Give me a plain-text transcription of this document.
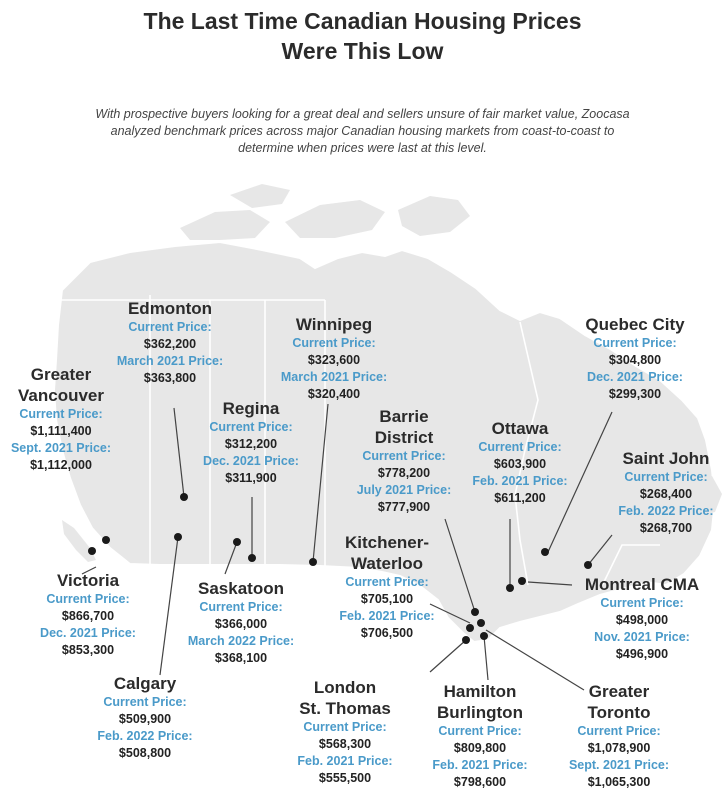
The Last Time Canadian Housing Prices
Were This Low
With prospective buyers looking for a great deal and sellers unsure of fair market value, Zoocasa
analyzed benchmark prices across major Canadian housing markets from coast-to-coast to
determine when prices were last at this level.
Edmonton
Current Price:
$362,200
March 2021 Price:
$363,800
Winnipeg
Current Price:
$323,600
March 2021 Price:
$320,400
Quebec City
Current Price:
$304,800
Dec. 2021 Price:
$299,300
Greater
Vancouver
Current Price:
$1,111,400
Sept. 2021 Price:
$1,112,000
Regina
Current Price:
$312,200
Dec. 2021 Price:
$311,900
Barrie
District
Current Price:
$778,200
July 2021 Price:
$777,900
Ottawa
Current Price:
$603,900
Feb. 2021 Price:
$611,200
Saint John
Current Price:
$268,400
Feb. 2022 Price:
$268,700
Kitchener-
Waterloo
Current Price:
$705,100
Feb. 2021 Price:
$706,500
Victoria
Current Price:
$866,700
Dec. 2021 Price:
$853,300
Saskatoon
Current Price:
$366,000
March 2022 Price:
$368,100
Montreal CMA
Current Price:
$498,000
Nov. 2021 Price:
$496,900
Calgary
Current Price:
$509,900
Feb. 2022 Price:
$508,800
London
St. Thomas
Current Price:
$568,300
Feb. 2021 Price:
$555,500
Hamilton
Burlington
Current Price:
$809,800
Feb. 2021 Price:
$798,600
Greater
Toronto
Current Price:
$1,078,900
Sept. 2021 Price:
$1,065,300
